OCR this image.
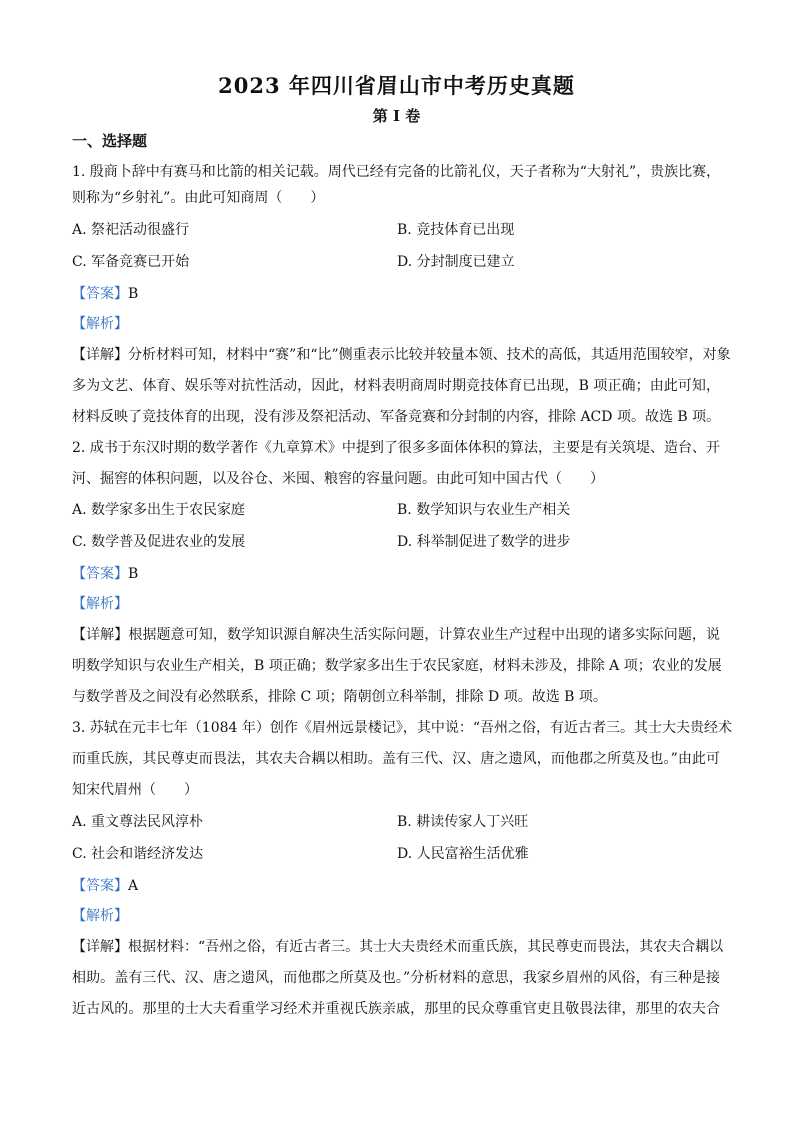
2023 年四川省眉山市中考历史真题
第 I 卷
一、选择题
1. 殷商卜辞中有赛马和比箭的相关记载。周代已经有完备的比箭礼仪，天子者称为“大射礼”，贵族比赛，
则称为“乡射礼”。由此可知商周（　　）
A. 祭祀活动很盛行	B. 竞技体育已出现
C. 军备竞赛已开始	D. 分封制度已建立
【答案】B
【解析】
【详解】分析材料可知，材料中“赛”和“比”侧重表示比较并较量本领、技术的高低，其适用范围较窄，对象
多为文艺、体育、娱乐等对抗性活动，因此，材料表明商周时期竞技体育已出现，B 项正确；由此可知，
材料反映了竞技体育的出现，没有涉及祭祀活动、军备竞赛和分封制的内容，排除 ACD 项。故选 B 项。
2. 成书于东汉时期的数学著作《九章算术》中提到了很多多面体体积的算法，主要是有关筑堤、造台、开
河、掘窖的体积问题，以及谷仓、米囤、粮窖的容量问题。由此可知中国古代（　　）
A. 数学家多出生于农民家庭	B. 数学知识与农业生产相关
C. 数学普及促进农业的发展	D. 科举制促进了数学的进步
【答案】B
【解析】
【详解】根据题意可知，数学知识源自解决生活实际问题，计算农业生产过程中出现的诸多实际问题，说
明数学知识与农业生产相关，B 项正确；数学家多出生于农民家庭，材料未涉及，排除 A 项；农业的发展
与数学普及之间没有必然联系，排除 C 项；隋朝创立科举制，排除 D 项。故选 B 项。
3. 苏轼在元丰七年（1084 年）创作《眉州远景楼记》，其中说：“吾州之俗，有近古者三。其士大夫贵经术
而重氏族，其民尊吏而畏法，其农夫合耦以相助。盖有三代、汉、唐之遗风，而他郡之所莫及也。”由此可
知宋代眉州（　　）
A. 重文尊法民风淳朴	B. 耕读传家人丁兴旺
C. 社会和谐经济发达	D. 人民富裕生活优雅
【答案】A
【解析】
【详解】根据材料：“吾州之俗，有近古者三。其士大夫贵经术而重氏族，其民尊吏而畏法，其农夫合耦以
相助。盖有三代、汉、唐之遗风，而他郡之所莫及也。”分析材料的意思，我家乡眉州的风俗，有三种是接
近古风的。那里的士大夫看重学习经术并重视氏族亲戚，那里的民众尊重官吏且敬畏法律，那里的农夫合
